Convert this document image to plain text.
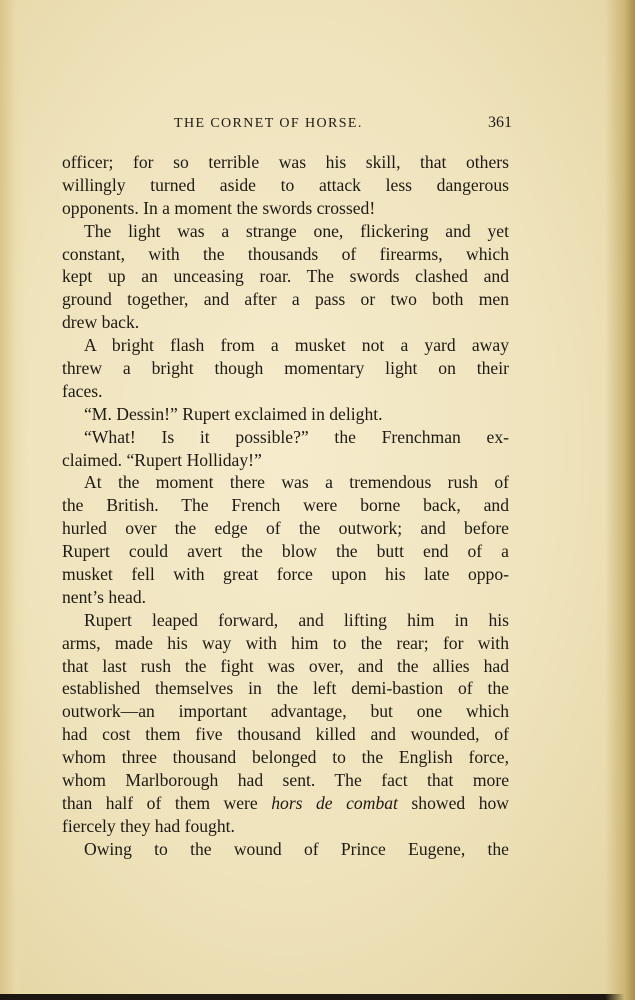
THE CORNET OF HORSE.	361
officer; for so terrible was his skill, that others
willingly turned aside to attack less dangerous
opponents. In a moment the swords crossed!
The light was a strange one, flickering and yet
constant, with the thousands of firearms, which
kept up an unceasing roar. The swords clashed and
ground together, and after a pass or two both men
drew back.
A bright flash from a musket not a yard away
threw a bright though momentary light on their
faces.
“M. Dessin!” Rupert exclaimed in delight.
“What! Is it possible?” the Frenchman ex-
claimed. “Rupert Holliday!”
At the moment there was a tremendous rush of
the British. The French were borne back, and
hurled over the edge of the outwork; and before
Rupert could avert the blow the butt end of a
musket fell with great force upon his late oppo-
nent’s head.
Rupert leaped forward, and lifting him in his
arms, made his way with him to the rear; for with
that last rush the fight was over, and the allies had
established themselves in the left demi-bastion of the
outwork—an important advantage, but one which
had cost them five thousand killed and wounded, of
whom three thousand belonged to the English force,
whom Marlborough had sent. The fact that more
than half of them were hors de combat showed how
fiercely they had fought.
Owing to the wound of Prince Eugene, the
